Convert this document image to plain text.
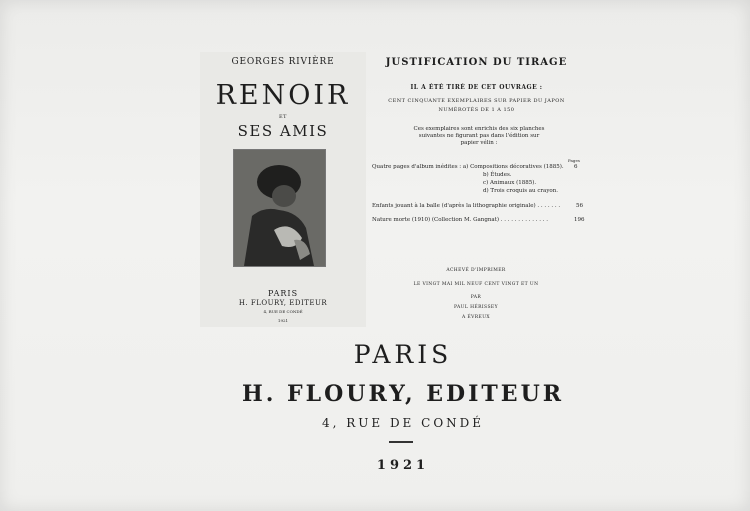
GEORGES RIVIÈRE
RENOIR
ET
SES AMIS
PARIS
H. FLOURY, EDITEUR
4, RUE DE CONDÉ
1921
JUSTIFICATION DU TIRAGE
IL A ÉTÉ TIRÉ DE CET OUVRAGE :
CENT CINQUANTE EXEMPLAIRES SUR PAPIER DU JAPON
NUMÉROTÉS DE 1 A 150
Ces exemplaires sont enrichis des six planches
suivantes ne figurant pas dans l'édition sur
papier vélin :
Pages
Quatre pages d'album inédites : a) Compositions décoratives (1885).
b) Études.
c) Animaux (1885).
d) Trois croquis au crayon.
Enfants jouant à la balle (d'après la lithographie originale) . . . . . . .
Nature morte (1910) (Collection M. Gangnat) . . . . . . . . . . . . . .
6
56
196
ACHEVÉ D'IMPRIMER
LE VINGT MAI MIL NEUF CENT VINGT ET UN
PAR
PAUL HÉRISSEY
A ÉVREUX
PARIS
H. FLOURY, EDITEUR
4, RUE DE CONDÉ
1921
